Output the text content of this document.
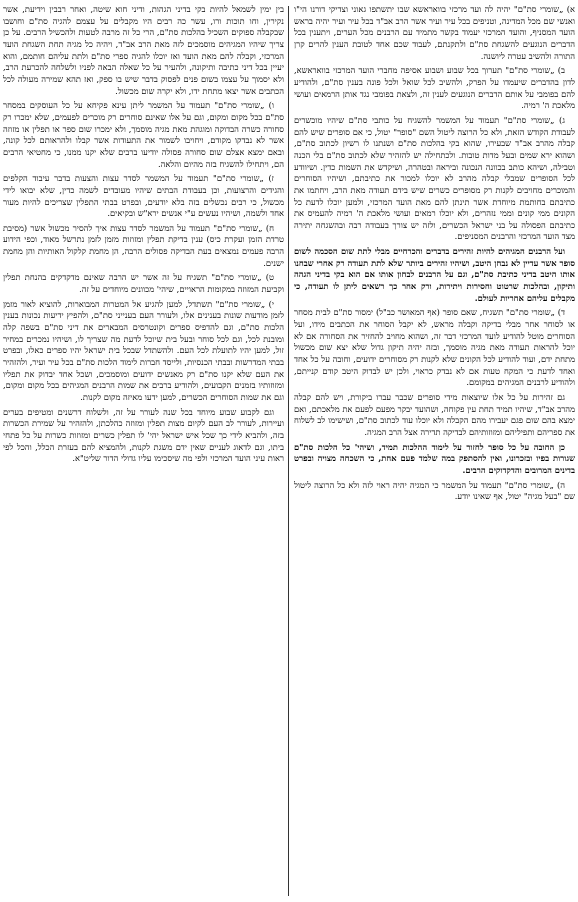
א) „שומרי סת"ם" יהיה לה ועד מרכזי בוואראשא שבו יתשתפו גאוני וצדיקי דורנו הי"ו ואנשי שם מכל המדינה, וטניפים בכל עיר ועיר אשר הרב אב"ד בכל עיר ועיר יהיה בראש הועד המסניף, והועד המרכזי יעמוד בקשר מתמיד עם הרבנים מכל הערים, ויתענין בכל הדברים הנוגעים להשגחת סת"ם ולתקנתם, לעבוד שכם אחד לטובת הענין להרים קרן התורה ולהשיב עטרה ליושנה.

ב) „שומרי סת"ם" תערוך בכל שבוע ושבוע אסיפה מחברי הועד המרכזי בוואראשא, לדון בהדברים שיעמדו על הפרק, ולהשיב לכל שואל ולכל פונה בענין סת"ם, ולהודיע להם בפומבי על אותם הדברים הנוגעים לענין זה, ולצאת בפומבי נגד אותן הרמאים ועושי מלאכת ה' רמיה.

ג) „שומרי סת"ם" תעמוד על המשמר להשגיח על כותבי סת"ם שיהיו מוכשרים לעבודת הקודש הזאת, ולא כל הרוצה ליטול השם "סופר" יטול, כי אם סופרים שיש להם קבלה מהרב אב"ד שבעירו, שהוא בקי בהלכות סת"ם ושנתנו לו רשיון לכתוב סת"ם, ושהוא ירא שמים ובעל מדות טובות. ולכתחילה יש להזהיר שלא לכתוב סת"ם בלי הכנה וטבילה, ושיהא כותב בכוונה הנכונה וביראה ובטהרה, ושיקדש את השמות כדין. ושיוודע לכל הסופרים שמבלי קבלה מהרב לא יוכלו למכור את כתיבתם, ושיהיו הסוחרים והמוכרים מחויבים לקנות רק מסופרים כשרים שיש בידם תעודה מאת הרב, ויחתמו את כתיבתם בחותמת מיוחדת אשר תינתן להם מאת הועד המרכזי, ולמען יוכלו לדעת כל הקונים ממי קונים וממי נזהרים, ולא יוכלו רמאים ועושי מלאכת ה' רמיה להעמיס את כתיבתם הפסולה על בני ישראל הכשרים, ולזה יש צורך בעבודה רבה ובהשגחה יתירה מצד הועד המרכזי והרבנים המסניפים.

ועל הרבנים המגיהים להיות זהירים בדברים והכרחיים מבלי לתת שום הסכמה לשום סופר אשר עדיין לא נבחן היטב, ושיהיו זהירים ביותר שלא לתת תעודה רק אחרי שבחנו אותו היטב בדיני כתיבת סת"ם, וגם על הרבנים לבחון אותו אם הוא בקי בדיני הגהה ותיקון, ובהלכות שרטוט וחסירות ויתירות, ורק אחר כך רשאים ליתן לו תעודה, כי מקבלים עליהם אחריות לעולם.

ד) „שומרי סת"ם" תשגיח, שאם סופר (אף המאושר כב"ל) ימסור סת"ם לבית מסחר או לסוחר אחר מבלי בדיקה וקבלה מראש, לא יקבל הסוחר את הכתבים מידו, ועל הסוחרים מוטל להודיע לועד המרכזי דבר זה, ושהוא מחויב להחזיר את הסחורה אם לא יוכל להראות תעודה מאת מגיה מוסמך, ובזה יהיה תיקון גדול שלא יצא שום מכשול מתחת ידם, ועוד להודיע לכל הקונים שלא לקנות רק מסוחרים ידועים, וחובה על כל אחד ואחד לדעת כי המקח טעות אם לא נבדק כראוי, ולכן יש לבדוק היטב קודם קנייתם, ולהודיע לרבנים המגיהים במקומם.

גם זהירות על כל אלו שיוצאות מידי סופרים שכבר עברו ביקורת, ויש להם קבלה מהרב אב"ד, שיהיו תמיד תחת עין פקוחה, ושהועד יבקר מפעם לפעם את מלאכתם, ואם ימצא בהם שום פגם יעבירו מהם הקבלה ולא יוכלו עוד לכתוב סת"ם, ושישימו לב לשלוח את ספריהם ותפיליהם ומזוזותיהם לבדיקה תדירה אצל הרב המגיה.

כן החובה על כל סופר לחזור על לימוד ההלכות תמיד, ושיהי' כל הלכות סת"ם שגורות בפיו ובזכרונו, ואין להסתפק במה שלמד פעם אחת, כי השכחה מצויה ובפרט בדינים המרובים והדקדוקים הרבים.

ה) „שומרי סת"ם" תעמוד על המשמר כי המגיה יהיה ראוי לזה ולא כל הרוצה ליטול שם "בעל מגיה" יטול, אף שאינו יודע.

בין ימין לשמאל להיות בקי בדיני הגהות, ודיני חוא שיטה, ואחר רבבין וידיעת, אשר נקירין, וחו תוכות ורו, עשר כה רבים היו מקבלים על עצמם להגיה סת"ם וחושבו שבקבלה ספוקים השכיל בהלכות סת"ם, הרי כל זה מרבה לטעות ולהכשיל הרבים. על כן צריך שיהיו המגיהים מוסמכים לזה מאת הרב אב"ד, ויהיה כל מגיה תחת השגחת הועד המרכזי, וקבלה להם מאת הועד ואז יוכלו להגיה ספרי סת"ם ולתת עליהם חותמם, והוא יעיין בכל דיני כתיבה ותיקונה, ולהעיר על כל שאלה הבאה לפניו ולשלחה להכרעת הרב, ולא יסמוך על עצמו בשום פנים לפסוק בדבר שיש בו ספק, ואז תהא שמירה מעולה לכל הכתבים אשר יצאו מתחת ידו, ולא יקרה שום מכשול.

ו) „שומרי סת"ם" תעמוד על המשמר ליתן עינא פקיחא על כל העוסקים במסחר סת"ם בכל מקום ומקום, וגם על אלו שאינם סוחרים רק מוכרים לפעמים, שלא ימכרו רק סחורה כשרה הבדוקה ומוגהת מאת מגיה מוסמך, ולא ימכרו שום ספר או תפלין או מזוזה אשר לא נבדקו מקודם, ויחויבו לשמור את התעודות אשר קבלו ולהראותם לכל קונה, ובאם ימצא אצלם שום סחורה פסולה יודיעו ברבים שלא יקנו ממנו, כי מחטיאי הרבים הם, ויתחילו להשגיח בזה מהיום והלאה.

ז) „שומרי סת"ם" תעמוד על המשמר לסדר עצות והצעות בדבר עיבוד הקלפים והגידים והרצועות, וכן בעבודת הבתים שיהיו מעובדים לשמה כדין, שלא יבואו לידי מכשול, כי רבים נכשלים בזה בלא יודעים, ובפרט בבתי התפלין שצריכים להיות מעור אחד ולשמה, ושיהיו נעשים ע"י אנשים ירא"ש ובקיאים.

ח) „שומרי סת"ם" תעמוד על המשמר לסדר עצות איך להסיר מכשול אשר (מסיבת טרדת הזמן ועקרת כיס) ענין בדיקת תפלין ומזוזות מזמן לזמן נתרשל מאוד, וכפי הידוע הרבה פעמים נמצאים בעת הבדיקה פסולים הרבה, הן מחמת קלקול האותיות והן מחמת ישנים.

ט) „שומרי סת"ם" תשגיח על זה אשר יש הרבה שאינם מדקדקים בהנחת תפלין וקביעת המזוזה במקומות הראויים, שיהי' מכוונים מיוחדים על זה.

י) „שומרי סת"ם" תשתדל, למען להגיע אל המטרות המבוארות, להוציא לאור מזמן לזמן מודעות שונות בענינים אלו, ולעורר העם בענייני סת"ם, ולהפיץ ידיעות נכונות בענין הלכות סת"ם, וגם להדפיס ספרים וקונטרסים המבארים את דיני סת"ם בשפה קלה ומובנת לכל, וגם לכל סוחר ובעל בית שיוכל לדעת מה שצריך לו, ושיהיו נמכרים במחיר זול, למען יהיו לתועלת לכל העם. ולהשתדל שבכל בית ישראל יהיו ספרים כאלו, ובפרט בבתי המדרשות ובבתי הכנסיות, ולייסד חברות לימוד הלכות סת"ם בכל עיר ועיר, ולהזהיר את העם שלא יקנו סת"ם רק מאנשים ידועים ומוסמכים, ושכל אחד יבדוק את תפליו ומזוזותיו בזמנים הקבועים, ולהודיע ברבים את שמות הרבנים המגיהים בכל מקום ומקום, וגם את שמות הסוחרים הכשרים, למען ידעו מאיזה מקום לקנות.

וגם לקבוע שבוע מיוחד בכל שנה לעורר על זה, ולשלוח דרשנים ומטיפים בערים ועיירות, לעורר לב העם לקיום מצות תפלין ומזוזה כהלכתן, ולהזהיר על שמירת הכשרות בזה, ולהביא לידי כך שכל איש ישראל יהי' לו תפלין כשרים ומזוזות כשרות על כל פתחי ביתו, וגם לדאוג לעניים שאין ידם משגת לקנות, ולהמציא להם בעזרת הכלל, והכל לפי ראות עיני הועד המרכזי ולפי מה שיסכימו עליו גדולי הדור שליט"א.
